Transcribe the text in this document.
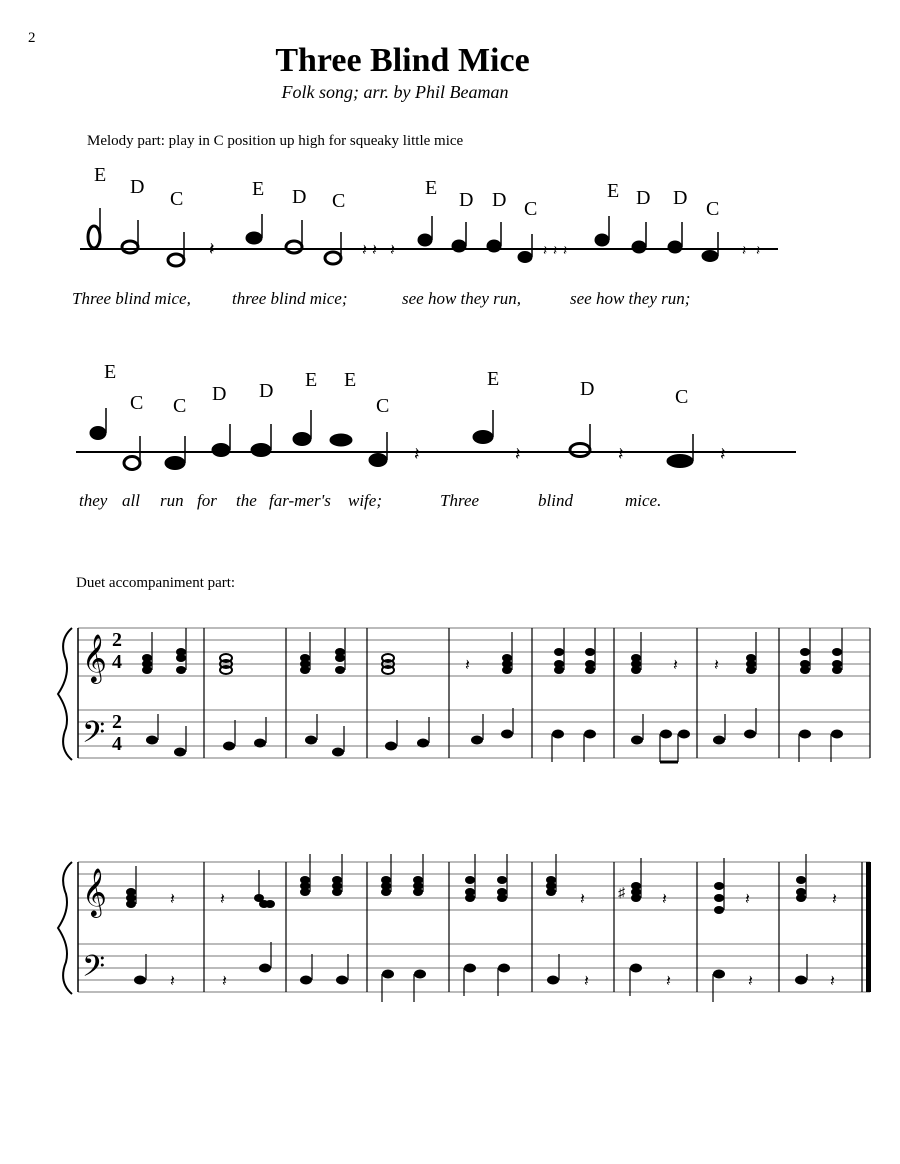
2
Three Blind Mice
Folk song; arr. by Phil Beaman
Melody part: play in C position up high for squeaky little mice
Duet accompaniment part:
E
D
C	E D C
E
D D C
E D D C
𝄽	𝄽 𝄽 𝄽	𝄽 𝄽 𝄽	𝄽 𝄽
Three blind mice, three blind mice;	see how they run,	see how they run;
E
C C
D D E E
C
E	D	C
𝄽	𝄽	𝄽	𝄽
they all run for the far-mer's wife;	Three	blind	mice.
𝄞
𝄢
2
4
2
4
𝄽	𝄽 𝄽
𝄞
𝄢
♯
𝄽	𝄽	𝄽	𝄽	𝄽	𝄽
𝄽	𝄽	𝄽	𝄽	𝄽	𝄽
